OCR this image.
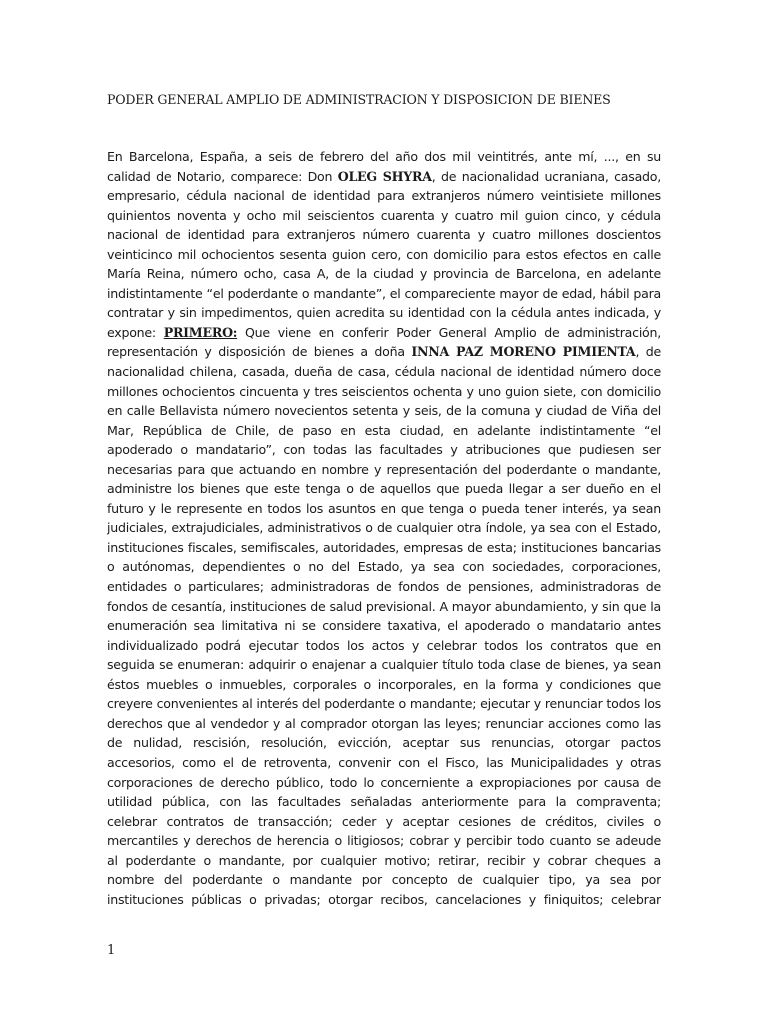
PODER GENERAL AMPLIO DE ADMINISTRACION Y DISPOSICION DE BIENES
En Barcelona, España, a seis de febrero del año dos mil veintitrés, ante mí, ..., en su
calidad de Notario, comparece: Don OLEG SHYRA, de nacionalidad ucraniana, casado,
empresario, cédula nacional de identidad para extranjeros número veintisiete millones
quinientos noventa y ocho mil seiscientos cuarenta y cuatro mil guion cinco, y cédula
nacional de identidad para extranjeros número cuarenta y cuatro millones doscientos
veinticinco mil ochocientos sesenta guion cero, con domicilio para estos efectos en calle
María Reina, número ocho, casa A, de la ciudad y provincia de Barcelona, en adelante
indistintamente “el poderdante o mandante”, el compareciente mayor de edad, hábil para
contratar y sin impedimentos, quien acredita su identidad con la cédula antes indicada, y
expone: PRIMERO: Que viene en conferir Poder General Amplio de administración,
representación y disposición de bienes a doña INNA PAZ MORENO PIMIENTA, de
nacionalidad chilena, casada, dueña de casa, cédula nacional de identidad número doce
millones ochocientos cincuenta y tres seiscientos ochenta y uno guion siete, con domicilio
en calle Bellavista número novecientos setenta y seis, de la comuna y ciudad de Viña del
Mar, República de Chile, de paso en esta ciudad, en adelante indistintamente “el
apoderado o mandatario”, con todas las facultades y atribuciones que pudiesen ser
necesarias para que actuando en nombre y representación del poderdante o mandante,
administre los bienes que este tenga o de aquellos que pueda llegar a ser dueño en el
futuro y le represente en todos los asuntos en que tenga o pueda tener interés, ya sean
judiciales, extrajudiciales, administrativos o de cualquier otra índole, ya sea con el Estado,
instituciones fiscales, semifiscales, autoridades, empresas de esta; instituciones bancarias
o autónomas, dependientes o no del Estado, ya sea con sociedades, corporaciones,
entidades o particulares; administradoras de fondos de pensiones, administradoras de
fondos de cesantía, instituciones de salud previsional. A mayor abundamiento, y sin que la
enumeración sea limitativa ni se considere taxativa, el apoderado o mandatario antes
individualizado podrá ejecutar todos los actos y celebrar todos los contratos que en
seguida se enumeran: adquirir o enajenar a cualquier título toda clase de bienes, ya sean
éstos muebles o inmuebles, corporales o incorporales, en la forma y condiciones que
creyere convenientes al interés del poderdante o mandante; ejecutar y renunciar todos los
derechos que al vendedor y al comprador otorgan las leyes; renunciar acciones como las
de nulidad, rescisión, resolución, evicción, aceptar sus renuncias, otorgar pactos
accesorios, como el de retroventa, convenir con el Fisco, las Municipalidades y otras
corporaciones de derecho público, todo lo concerniente a expropiaciones por causa de
utilidad pública, con las facultades señaladas anteriormente para la compraventa;
celebrar contratos de transacción; ceder y aceptar cesiones de créditos, civiles o
mercantiles y derechos de herencia o litigiosos; cobrar y percibir todo cuanto se adeude
al poderdante o mandante, por cualquier motivo; retirar, recibir y cobrar cheques a
nombre del poderdante o mandante por concepto de cualquier tipo, ya sea por
instituciones públicas o privadas; otorgar recibos, cancelaciones y finiquitos; celebrar
1
